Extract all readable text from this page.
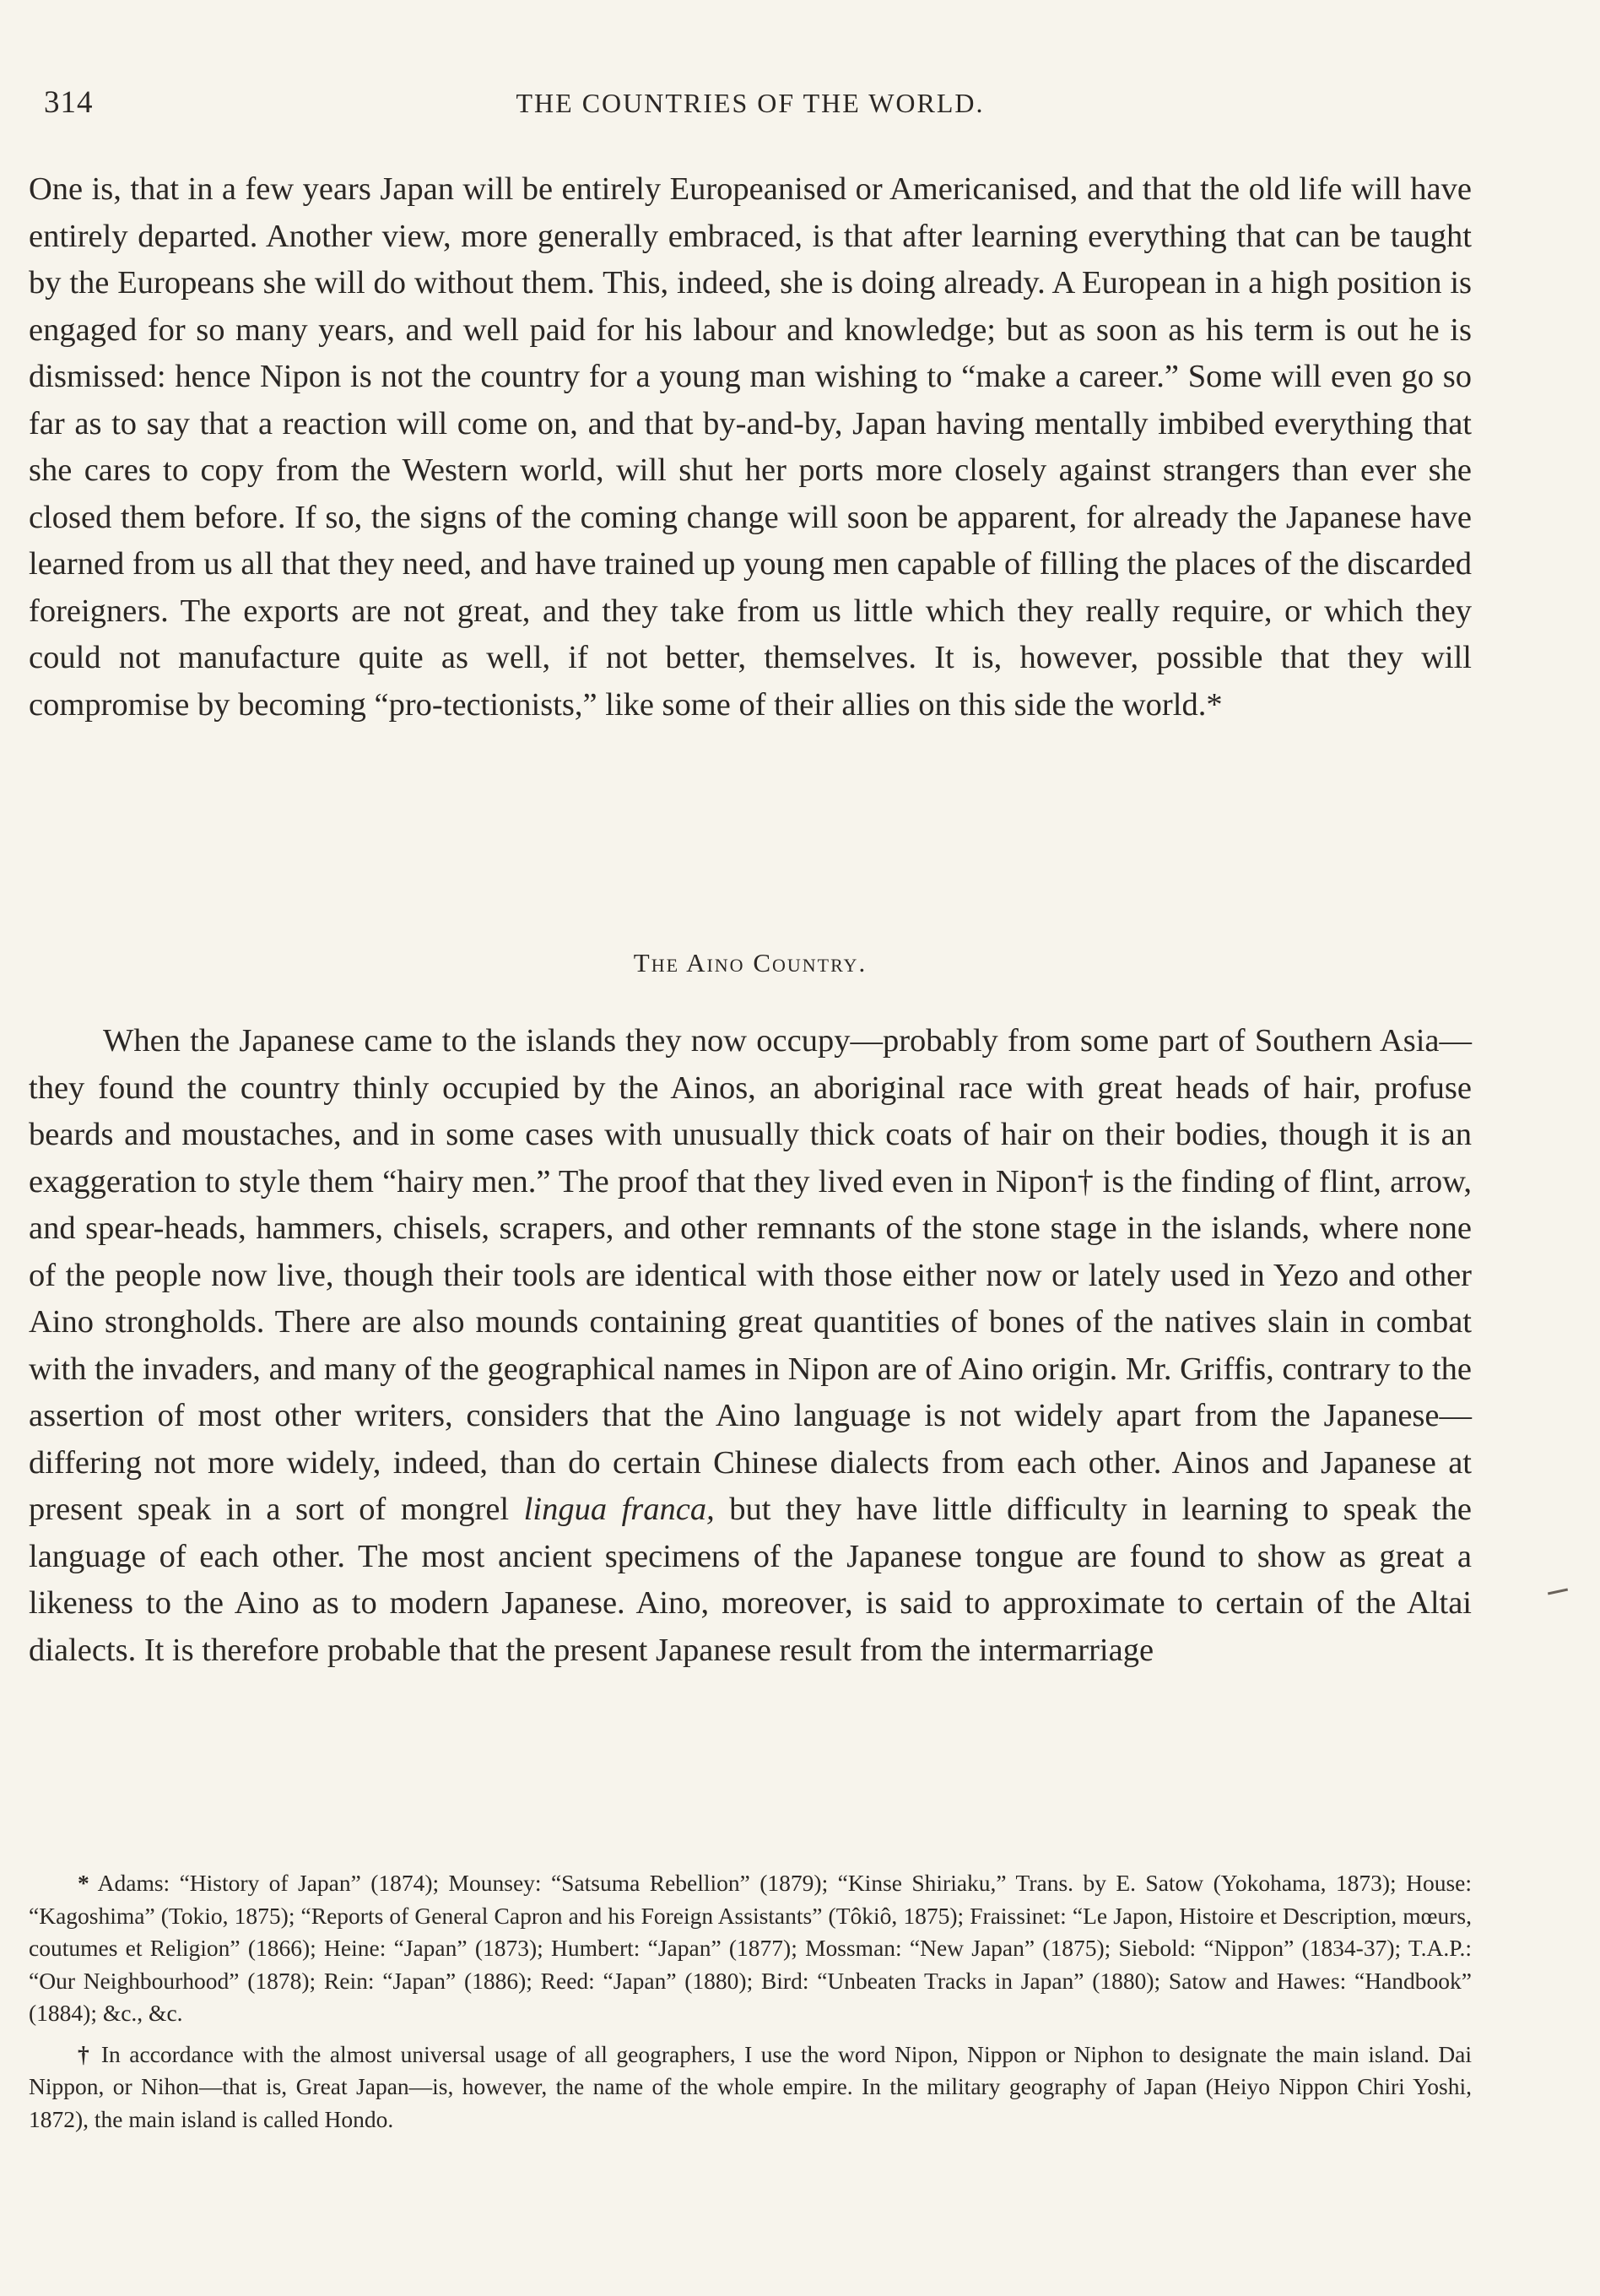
314	THE COUNTRIES OF THE WORLD.

One is, that in a few years Japan will be entirely Europeanised or Americanised, and that the old life will have entirely departed. Another view, more generally embraced, is that after learning everything that can be taught by the Europeans she will do without them. This, indeed, she is doing already. A European in a high position is engaged for so many years, and well paid for his labour and knowledge; but as soon as his term is out he is dismissed: hence Nipon is not the country for a young man wishing to “make a career.” Some will even go so far as to say that a reaction will come on, and that by-and-by, Japan having mentally imbibed everything that she cares to copy from the Western world, will shut her ports more closely against strangers than ever she closed them before. If so, the signs of the coming change will soon be apparent, for already the Japanese have learned from us all that they need, and have trained up young men capable of filling the places of the discarded foreigners. The exports are not great, and they take from us little which they really require, or which they could not manufacture quite as well, if not better, themselves. It is, however, possible that they will compromise by becoming “pro-tectionists,” like some of their allies on this side the world.*

The Aino Country.

When the Japanese came to the islands they now occupy—probably from some part of Southern Asia—they found the country thinly occupied by the Ainos, an aboriginal race with great heads of hair, profuse beards and moustaches, and in some cases with unusually thick coats of hair on their bodies, though it is an exaggeration to style them “hairy men.” The proof that they lived even in Nipon† is the finding of flint, arrow, and spear-heads, hammers, chisels, scrapers, and other remnants of the stone stage in the islands, where none of the people now live, though their tools are identical with those either now or lately used in Yezo and other Aino strongholds. There are also mounds containing great quantities of bones of the natives slain in combat with the invaders, and many of the geographical names in Nipon are of Aino origin. Mr. Griffis, contrary to the assertion of most other writers, considers that the Aino language is not widely apart from the Japanese—differing not more widely, indeed, than do certain Chinese dialects from each other. Ainos and Japanese at present speak in a sort of mongrel lingua franca, but they have little difficulty in learning to speak the language of each other. The most ancient specimens of the Japanese tongue are found to show as great a likeness to the Aino as to modern Japanese. Aino, moreover, is said to approximate to certain of the Altai dialects. It is therefore probable that the present Japanese result from the intermarriage

* Adams: “History of Japan” (1874); Mounsey: “Satsuma Rebellion” (1879); “Kinse Shiriaku,” Trans. by E. Satow (Yokohama, 1873); House: “Kagoshima” (Tokio, 1875); “Reports of General Capron and his Foreign Assistants” (Tôkiô, 1875); Fraissinet: “Le Japon, Histoire et Description, mœurs, coutumes et Religion” (1866); Heine: “Japan” (1873); Humbert: “Japan” (1877); Mossman: “New Japan” (1875); Siebold: “Nippon” (1834-37); T.A.P.: “Our Neighbourhood” (1878); Rein: “Japan” (1886); Reed: “Japan” (1880); Bird: “Unbeaten Tracks in Japan” (1880); Satow and Hawes: “Handbook” (1884); &c., &c.

† In accordance with the almost universal usage of all geographers, I use the word Nipon, Nippon or Niphon to designate the main island. Dai Nippon, or Nihon—that is, Great Japan—is, however, the name of the whole empire. In the military geography of Japan (Heiyo Nippon Chiri Yoshi, 1872), the main island is called Hondo.
